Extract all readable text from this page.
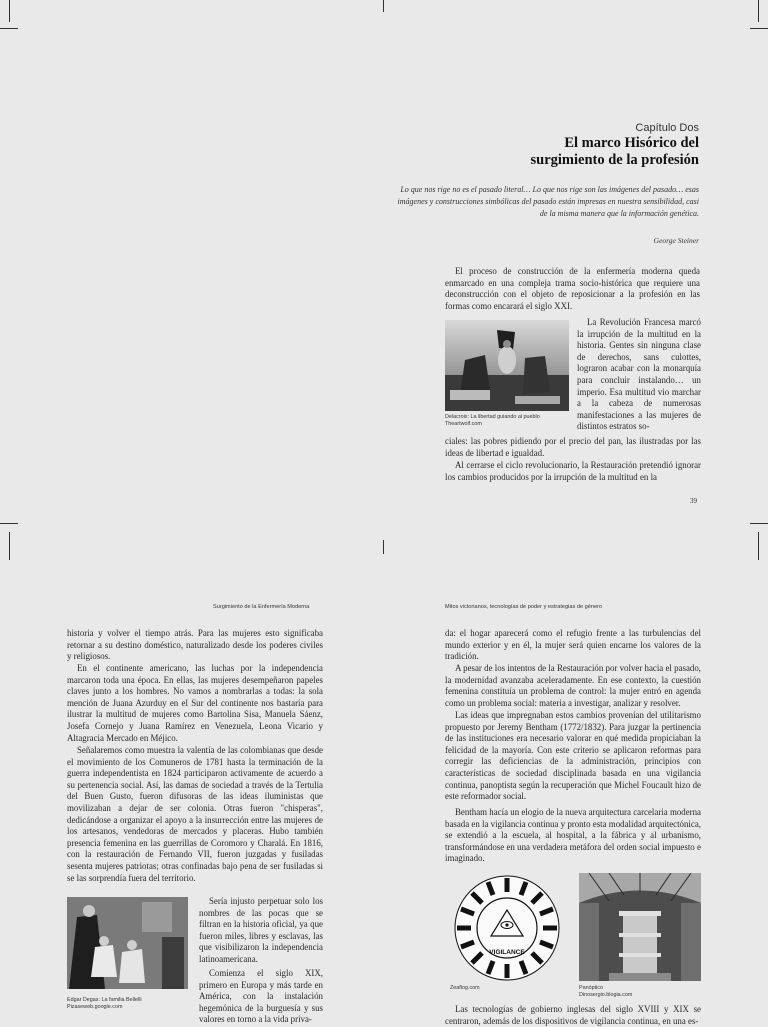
Capítulo Dos
El marco Hisórico del
surgimiento de la profesión
Lo que nos rige no es el pasado literal… Lo que nos rige son las imágenes del pasado… esas imágenes y construcciones simbólicas del pasado están impresas en nuestra sensibilidad, casi de la misma manera que la información genética.
George Steiner
El proceso de construcción de la enfermería moderna queda enmarcado en una compleja trama socio-histórica que requiere una deconstrucción con el objeto de reposicionar a la profesión en las formas como encarará el siglo XXI.
Delacroix: La libertad guiando al pueblo
Theartwolf.com
La Revolución Francesa marcó la irrupción de la multitud en la historia. Gentes sin ninguna clase de derechos, sans culottes, lograron acabar con la monarquía para concluir instalando… un imperio. Esa multitud vio marchar a la cabeza de numerosas manifestaciones a las mujeres de distintos estratos so-
ciales: las pobres pidiendo por el precio del pan, las ilustradas por las ideas de libertad e igualdad.
Al cerrarse el ciclo revolucionario, la Restauración pretendió ignorar los cambios producidos por la irrupción de la multitud en la
39
Surgimiento de la Enfermería Moderna
historia y volver el tiempo atrás. Para las mujeres esto significaba retornar a su destino doméstico, naturalizado desde los poderes civiles y religiosos.
En el continente americano, las luchas por la independencia marcaron toda una época. En ellas, las mujeres desempeñaron papeles claves junto a los hombres. No vamos a nombrarlas a todas: la sola mención de Juana Azurduy en el Sur del continente nos bastaría para ilustrar la multitud de mujeres como Bartolina Sisa, Manuela Sáenz, Josefa Cornejo y Juana Ramírez en Venezuela, Leona Vicario y Altagracia Mercado en Méjico.
Señalaremos como muestra la valentía de las colombianas que desde el movimiento de los Comuneros de 1781 hasta la terminación de la guerra independentista en 1824 participaron activamente de acuerdo a su pertenencia social. Así, las damas de sociedad a través de la Tertulia del Buen Gusto, fueron difusoras de las ideas iluministas que movilizaban a dejar de ser colonia. Otras fueron "chisperas", dedicándose a organizar el apoyo a la insurrección entre las mujeres de los artesanos, vendedoras de mercados y placeras. Hubo también presencia femenina en las guerrillas de Coromoro y Charalá. En 1816, con la restauración de Fernando VII, fueron juzgadas y fusiladas sesenta mujeres patriotas; otras confinadas bajo pena de ser fusiladas si se las sorprendía fuera del territorio.
Edgar Degas: La familia Bellelli
Pizaseweb.google.com
Sería injusto perpetuar solo los nombres de las pocas que se filtran en la historia oficial, ya que fueron miles, libres y esclavas, las que visibilizaron la independencia latinoamericana.
Comienza el siglo XIX, primero en Europa y más tarde en América, con la instalación hegemónica de la burguesía y sus valores en torno a la vida priva-
Mitos victorianos, tecnologías de poder y estrategias de género
da: el hogar aparecerá como el refugio frente a las turbulencias del mundo exterior y en él, la mujer será quien encarne los valores de la tradición.
A pesar de los intentos de la Restauración por volver hacia el pasado, la modernidad avanzaba aceleradamente. En ese contexto, la cuestión femenina constituía un problema de control: la mujer entró en agenda como un problema social: materia a investigar, analizar y resolver.
Las ideas que impregnaban estos cambios provenían del utilitarismo propuesto por Jeremy Bentham (1772/1832). Para juzgar la pertinencia de las instituciones era necesario valorar en qué medida propiciaban la felicidad de la mayoría. Con este criterio se aplicaron reformas para corregir las deficiencias de la administración, principios con características de sociedad disciplinada basada en una vigilancia continua, panoptista según la recuperación que Michel Foucault hizo de este reformador social.
Bentham hacía un elogio de la nueva arquitectura carcelaria moderna basada en la vigilancia continua y pronto esta modalidad arquitectónica, se extendió a la escuela, al hospital, a la fábrica y al urbanismo, transformándose en una verdadera metáfora del orden social impuesto e imaginado.
VIGILANCE
Zeaflog.com	Panóptico
Dinosergio.blogia.com
Las tecnologías de gobierno inglesas del siglo XVIII y XIX se centraron, además de los dispositivos de vigilancia continua, en una es-
